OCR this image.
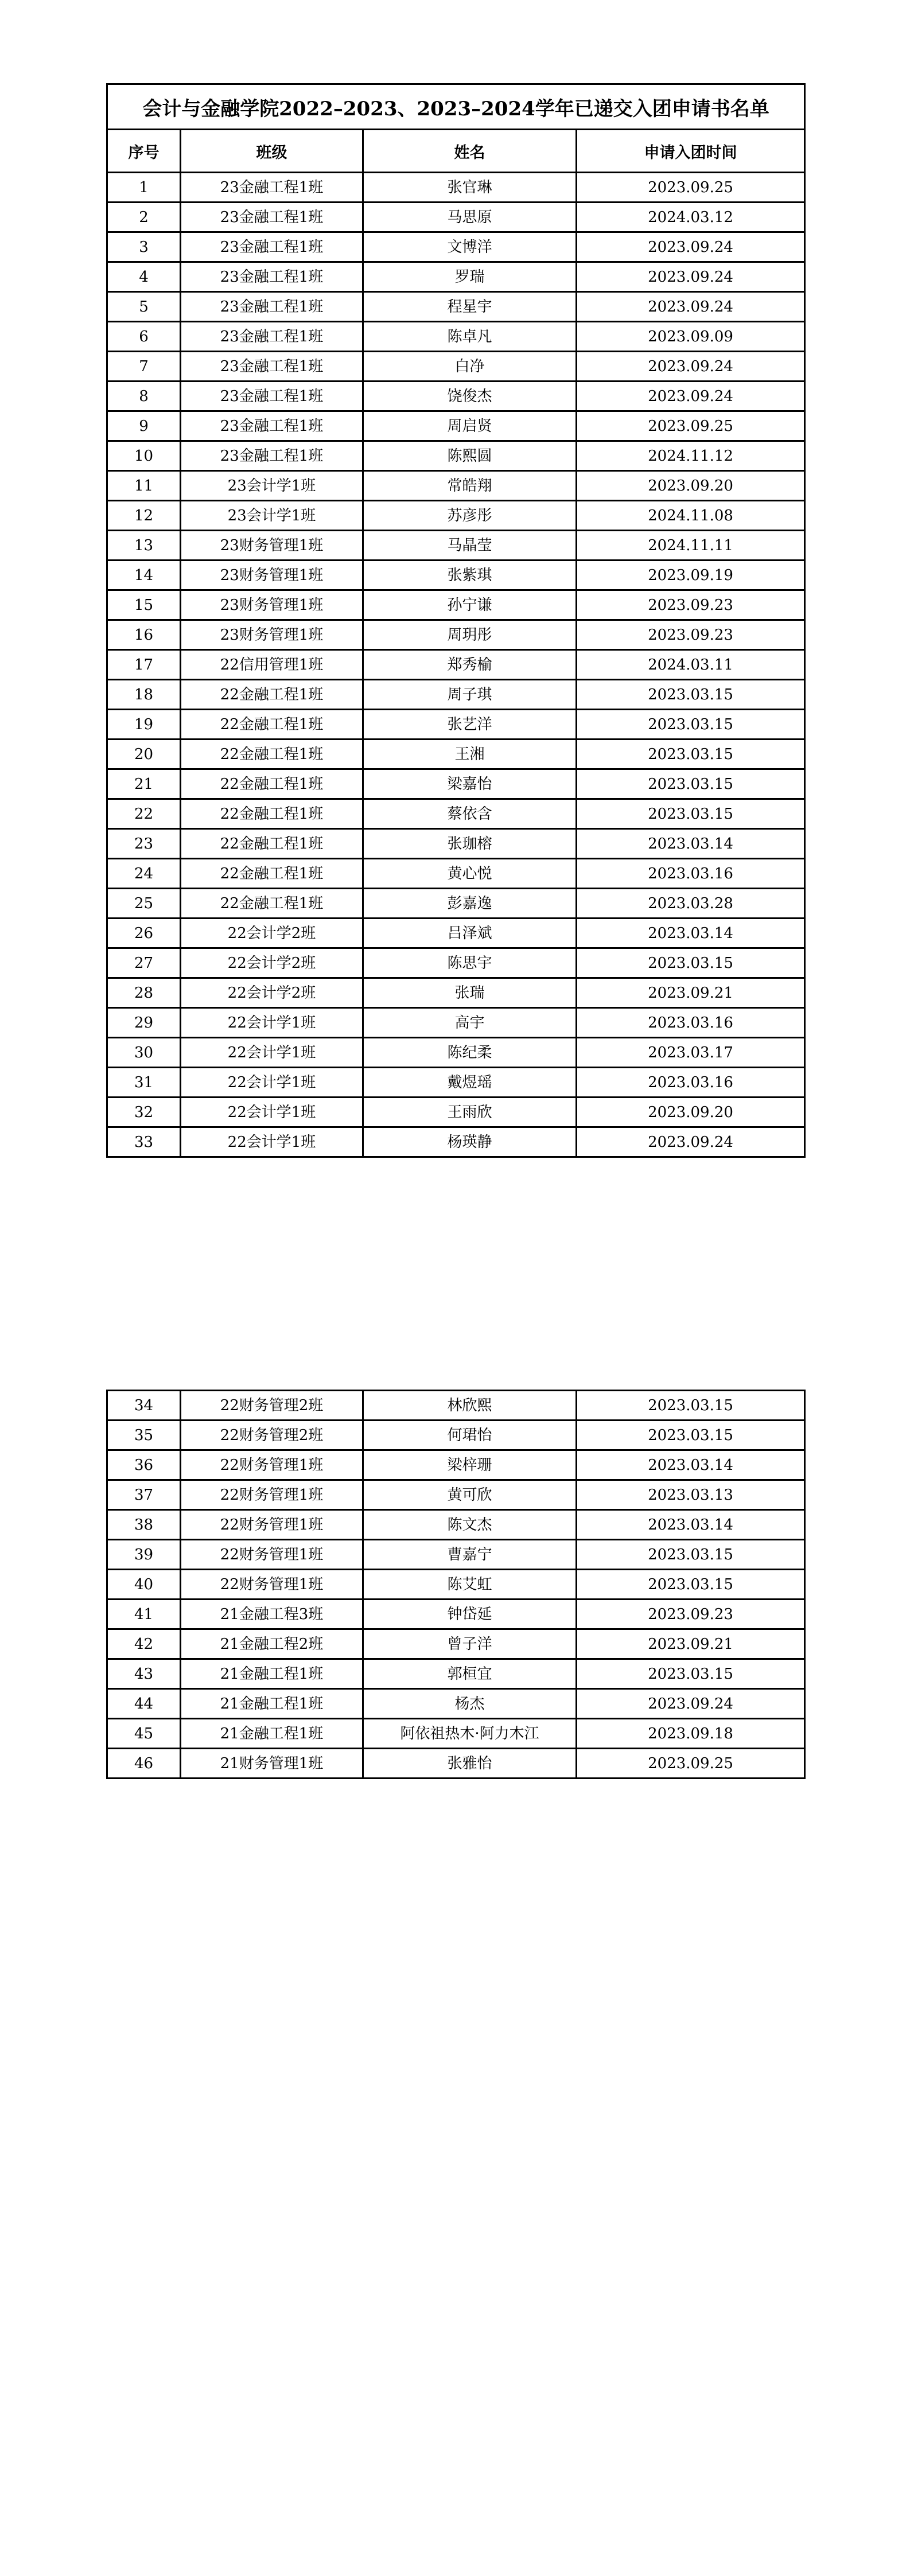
会计与金融学院2022–2023、2023–2024学年已递交入团申请书名单			
序号	班级	姓名	申请入团时间
1	23金融工程1班	张官琳	2023.09.25
2	23金融工程1班	马思原	2024.03.12
3	23金融工程1班	文博洋	2023.09.24
4	23金融工程1班	罗瑞	2023.09.24
5	23金融工程1班	程星宇	2023.09.24
6	23金融工程1班	陈卓凡	2023.09.09
7	23金融工程1班	白净	2023.09.24
8	23金融工程1班	饶俊杰	2023.09.24
9	23金融工程1班	周启贤	2023.09.25
10	23金融工程1班	陈熙圆	2024.11.12
11	23会计学1班	常皓翔	2023.09.20
12	23会计学1班	苏彦彤	2024.11.08
13	23财务管理1班	马晶莹	2024.11.11
14	23财务管理1班	张紫琪	2023.09.19
15	23财务管理1班	孙宁谦	2023.09.23
16	23财务管理1班	周玥彤	2023.09.23
17	22信用管理1班	郑秀榆	2024.03.11
18	22金融工程1班	周子琪	2023.03.15
19	22金融工程1班	张艺洋	2023.03.15
20	22金融工程1班	王湘	2023.03.15
21	22金融工程1班	梁嘉怡	2023.03.15
22	22金融工程1班	蔡依含	2023.03.15
23	22金融工程1班	张珈榕	2023.03.14
24	22金融工程1班	黄心悦	2023.03.16
25	22金融工程1班	彭嘉逸	2023.03.28
26	22会计学2班	吕泽斌	2023.03.14
27	22会计学2班	陈思宇	2023.03.15
28	22会计学2班	张瑞	2023.09.21
29	22会计学1班	高宇	2023.03.16
30	22会计学1班	陈纪柔	2023.03.17
31	22会计学1班	戴煜瑶	2023.03.16
32	22会计学1班	王雨欣	2023.09.20
33	22会计学1班	杨瑛静	2023.09.24
34	22财务管理2班	林欣熙	2023.03.15
35	22财务管理2班	何珺怡	2023.03.15
36	22财务管理1班	梁梓珊	2023.03.14
37	22财务管理1班	黄可欣	2023.03.13
38	22财务管理1班	陈文杰	2023.03.14
39	22财务管理1班	曹嘉宁	2023.03.15
40	22财务管理1班	陈艾虹	2023.03.15
41	21金融工程3班	钟岱延	2023.09.23
42	21金融工程2班	曾子洋	2023.09.21
43	21金融工程1班	郭桓宜	2023.03.15
44	21金融工程1班	杨杰	2023.09.24
45	21金融工程1班	阿依祖热木·阿力木江	2023.09.18
46	21财务管理1班	张雅怡	2023.09.25
